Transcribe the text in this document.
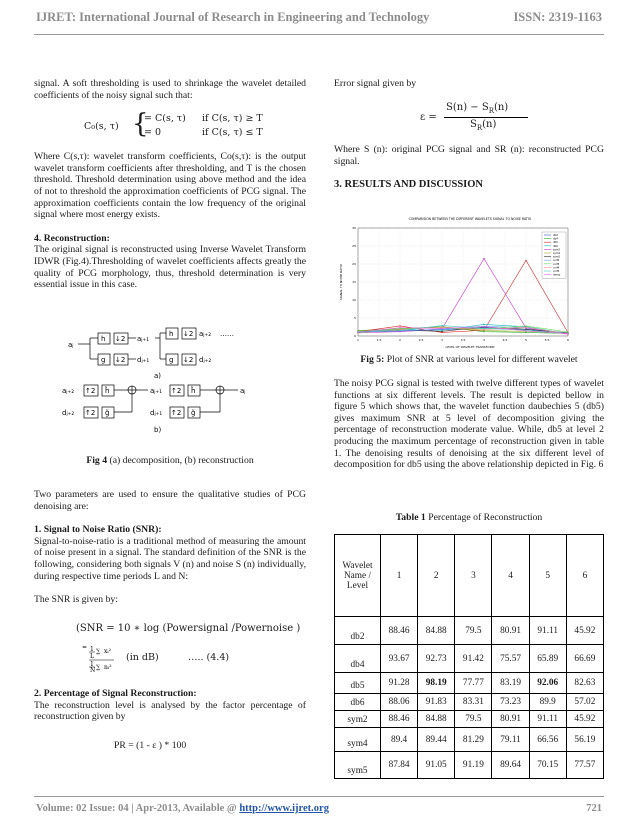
IJRET: International Journal of Research in Engineering and Technology	ISSN: 2319-1163

signal. A soft thresholding is used to shrinkage the wavelet detailed coefficients of the noisy signal such that:

C₀(s, τ) {
= C(s, τ) if C(s, τ) ≥ T
= 0	if C(s, τ) ≤ T

Where C(s,τ): wavelet transform coefficients, Co(s,τ): is the output wavelet transform coefficients after thresholding, and T is the chosen threshold. Threshold determination using above method and the idea of not to threshold the approximation coefficients of PCG signal. The approximation coefficients contain the low frequency of the original signal where most energy exists.

4. Reconstruction:

The original signal is reconstructed using Inverse Wavelet Transform IDWR (Fig.4).Thresholding of wavelet coefficients affects greatly the quality of PCG morphology, thus, threshold determination is very essential issue in this case.

aⱼ
h ↓2
g ↓2
aⱼ₊₁
dⱼ₊₁
h ↓2
g ↓2
aⱼ₊₂
dⱼ₊₂
……
a)
aⱼ₊₂ ↑2 h̃
dⱼ₊₂ ↑2 g̃
aⱼ₊₁
dⱼ₊₁
↑2 h̃
↑2 g̃
aⱼ
b)
Fig 4 (a) decomposition, (b) reconstruction

Two parameters are used to ensure the qualitative studies of PCG denoising are:

1. Signal to Noise Ratio (SNR):

Signal-to-noise-ratio is a traditional method of measuring the amount of noise present in a signal. The standard definition of the SNR is the following, considering both signals V (n) and noise S (n) individually, during respective time periods L and N:

The SNR is given by:

(SNR = 10 ∗ log (Powersignal /Powernoise )
= 1
L
∑ xᵢ²
1
N ∑ nᵢ²
(in dB)	….. (4.4)

2. Percentage of Signal Reconstruction:

The reconstruction level is analysed by the factor percentage of reconstruction given by

PR = (1 - ε ) * 100
Error signal given by
ε =
$S(n) - S_R(n)$
$S_R(n)$

Where S (n): original PCG signal and SR (n): reconstructed PCG signal.

3. RESULTS AND DISCUSSION

COMPARISION BETWEEN THE DIFFERENT WAVELETS SIGNAL TO NOISE RATIO
LEVEL OF WAVELET TRANSFORM
SIGNAL TO NOISE RATIO
1	1.5	2	2.5	3	3.5	4	4.5	5	5.5	6
0
5
10
15
20
25
30
db2
db4
db5
db6
sym2
sym4
sym5
coif2
coif3
coif4
coif5
dmey
Fig 5: Plot of SNR at various level for different wavelet
The noisy PCG signal is tested with twelve different types of wavelet functions at six different levels. The result is depicted bellow in figure 5 which shows that, the wavelet function daubechies 5 (db5) gives maximum SNR at 5 level of decomposition giving the percentage of reconstruction moderate value. While, db5 at level 2 producing the maximum percentage of reconstruction given in table 1. The denoising results of denoising at the six different level of decomposition for db5 using the above relationship depicted in Fig. 6
Table 1 Percentage of Reconstruction
Wavelet Name / Level	1	2	3	4	5	6
db2	88.46	84.88	79.5	80.91	91.11	45.92
db4	93.67	92.73	91.42	75.57	65.89	66.69
db5	91.28	98.19	77.77	83.19	92.06	82.63
db6	88.06	91.83	83.31	73.23	89.9	57.02
sym2	88.46	84.88	79.5	80.91	91.11	45.92
sym4	89.4	89.44	81.29	79.11	66.56	56.19
sym5	87.84	91.05	91.19	89.64	70.15	77.57
Volume: 02 Issue: 04 | Apr-2013, Available @ http://www.ijret.org	721
